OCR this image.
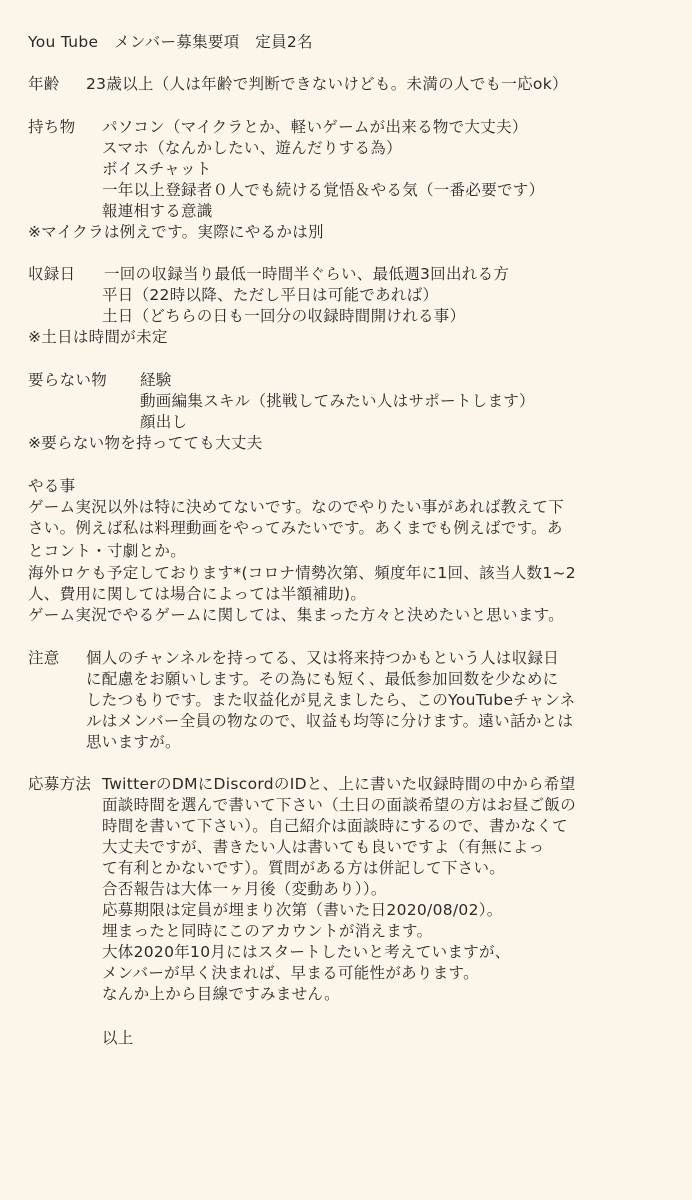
You Tube　メンバー募集要項　定員2名
年齢 23歳以上（人は年齢で判断できないけども。未満の人でも一応ok）
持ち物 パソコン（マイクラとか、軽いゲームが出来る物で大丈夫）
スマホ（なんかしたい、遊んだりする為）
ボイスチャット
一年以上登録者０人でも続ける覚悟＆やる気（一番必要です）
報連相する意識
※マイクラは例えです。実際にやるかは別
収録日 一回の収録当り最低一時間半ぐらい、最低週3回出れる方
平日（22時以降、ただし平日は可能であれば）
土日（どちらの日も一回分の収録時間開けれる事）
※土日は時間が未定
要らない物 経験
動画編集スキル（挑戦してみたい人はサポートします）
顔出し
※要らない物を持ってても大丈夫
やる事
ゲーム実況以外は特に決めてないです。なのでやりたい事があれば教えて下
さい。例えば私は料理動画をやってみたいです。あくまでも例えばです。あ
とコント・寸劇とか。
海外ロケも予定しております*(コロナ情勢次第、頻度年に1回、該当人数1~2
人、費用に関しては場合によっては半額補助)。
ゲーム実況でやるゲームに関しては、集まった方々と決めたいと思います。
注意 個人のチャンネルを持ってる、又は将来持つかもという人は収録日
に配慮をお願いします。その為にも短く、最低参加回数を少なめに
したつもりです。また収益化が見えましたら、このYouTubeチャンネ
ルはメンバー全員の物なので、収益も均等に分けます。遠い話かとは
思いますが。
応募方法 TwitterのDMにDiscordのIDと、上に書いた収録時間の中から希望
面談時間を選んで書いて下さい（土日の面談希望の方はお昼ご飯の
時間を書いて下さい）。自己紹介は面談時にするので、書かなくて
大丈夫ですが、書きたい人は書いても良いですよ（有無によっ
て有利とかないです）。質問がある方は併記して下さい。
合否報告は大体一ヶ月後（変動あり））。
応募期限は定員が埋まり次第（書いた日2020/08/02）。
埋まったと同時にこのアカウントが消えます。
大体2020年10月にはスタートしたいと考えていますが、
メンバーが早く決まれば、早まる可能性があります。
なんか上から目線ですみません。
以上
